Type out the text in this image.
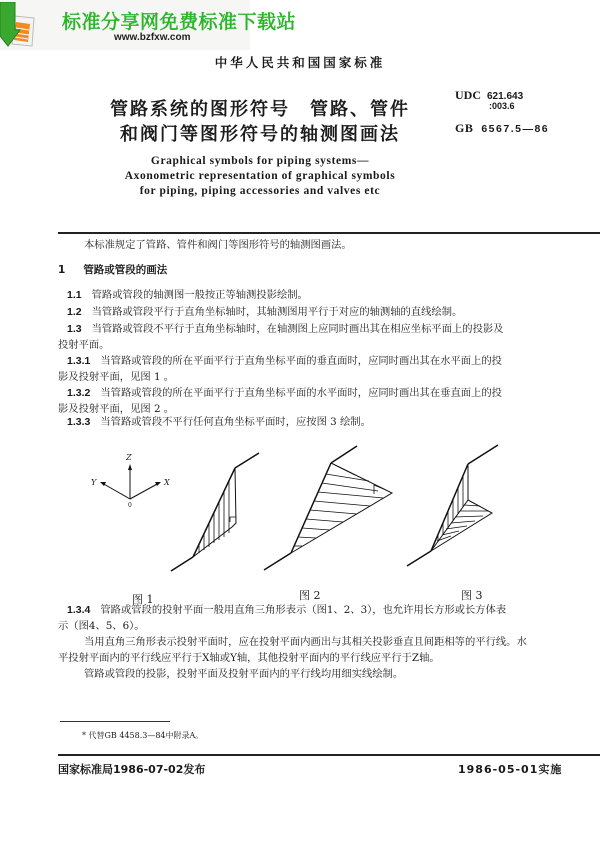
标准分享网免费标准下载站
www.bzfxw.com
中华人民共和国国家标准
管路系统的图形符号　管路、管件
和阀门等图形符号的轴测图画法
Graphical symbols for piping systems—
Axonometric representation of graphical symbols
for piping, piping accessories and valves etc
UDC 621.643
:003.6
GB 6567.5—86
本标准规定了管路、管件和阀门等图形符号的轴测图画法。
1 管路或管段的画法
1.1 管路或管段的轴测图一般按正等轴测投影绘制。
1.2 当管路或管段平行于直角坐标轴时，其轴测图用平行于对应的轴测轴的直线绘制。
1.3 当管路或管段不平行于直角坐标轴时，在轴测图上应同时画出其在相应坐标平面上的投影及
投射平面。
1.3.1 当管路或管段的所在平面平行于直角坐标平面的垂直面时，应同时画出其在水平面上的投
影及投射平面，见图 1 。
1.3.2 当管路或管段的所在平面平行于直角坐标平面的水平面时，应同时画出其在垂直面上的投
影及投射平面，见图 2 。
1.3.3 当管路或管段不平行任何直角坐标平面时，应按图 3 绘制。
Z
Y	X
0
图 1	图 2	图 3
1.3.4 管路或管段的投射平面一般用直角三角形表示（图1、2、3），也允许用长方形或长方体表
示（图4、5、6）。
当用直角三角形表示投射平面时，应在投射平面内画出与其相关投影垂直且间距相等的平行线。水
平投射平面内的平行线应平行于X轴或Y轴，其他投射平面内的平行线应平行于Z轴。
管路或管段的投影，投射平面及投射平面内的平行线均用细实线绘制。
* 代替GB 4458.3—84中附录A。
国家标准局1986-07-02发布	1986-05-01实施
